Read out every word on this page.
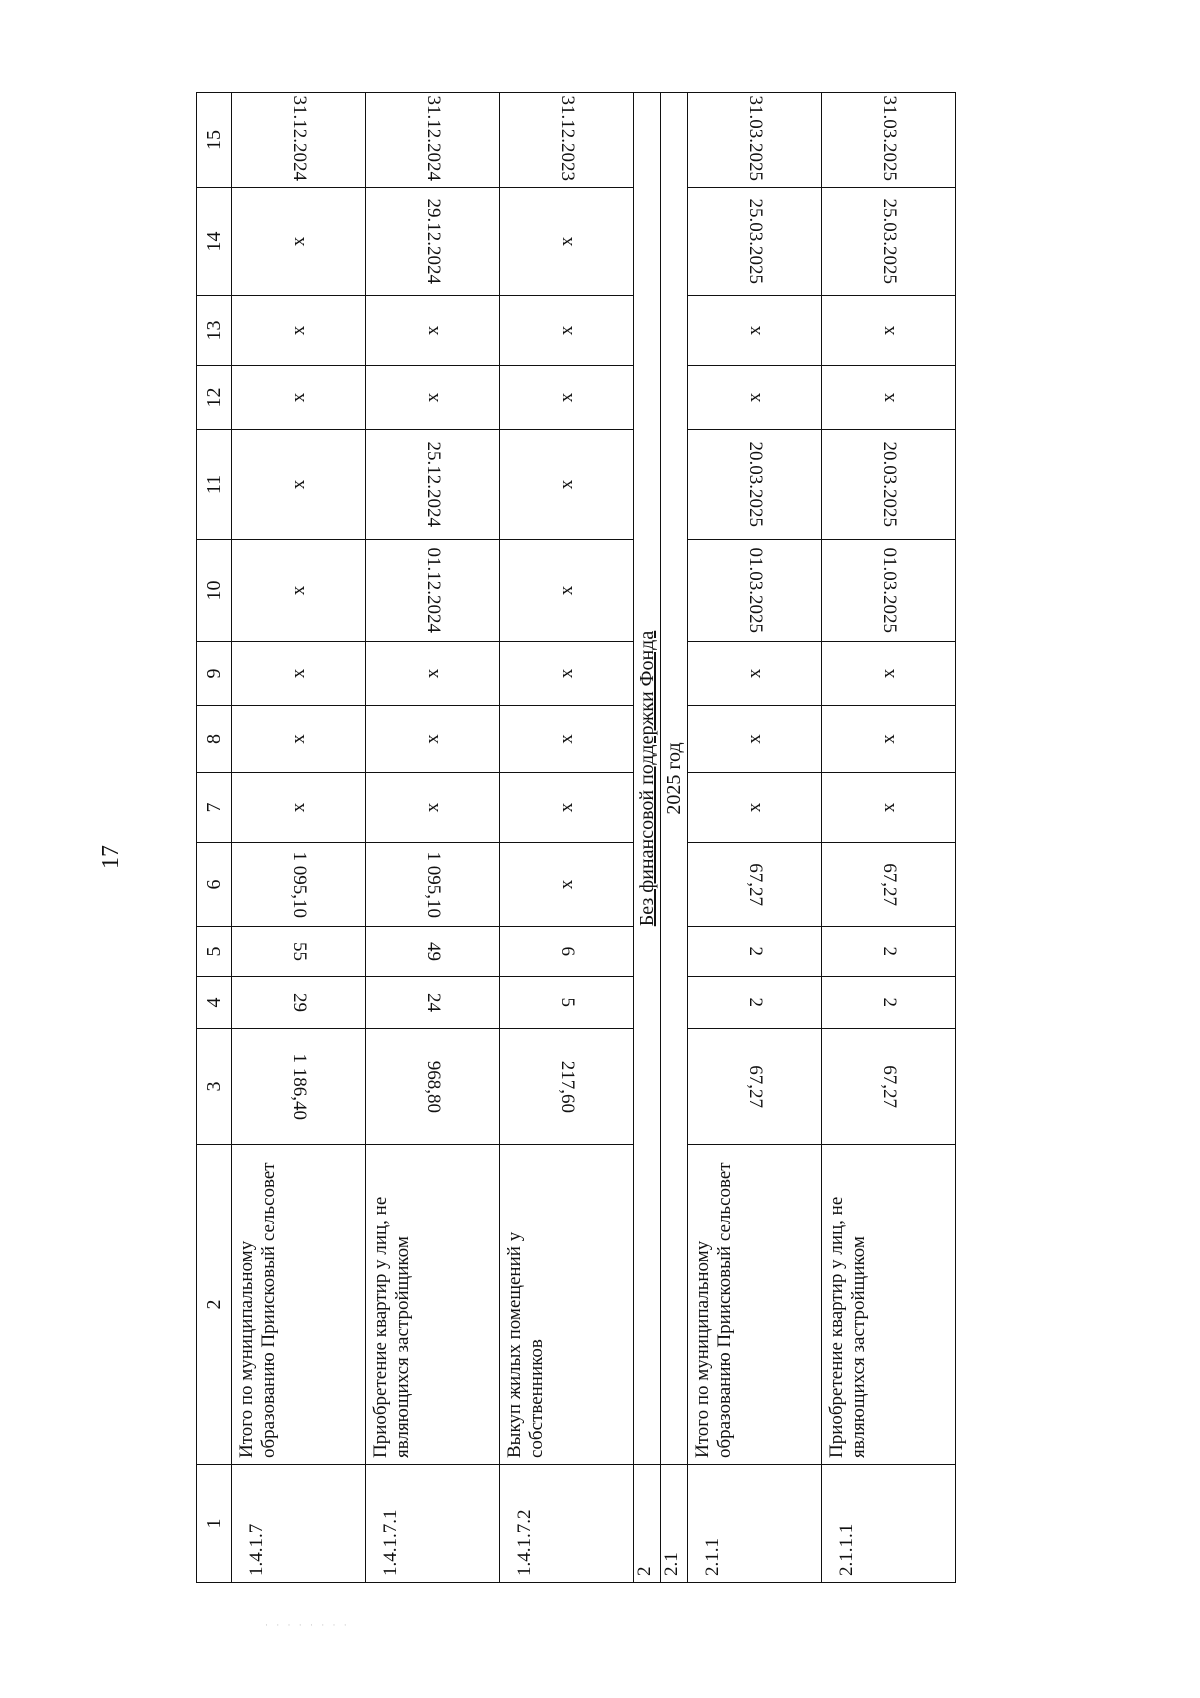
17
1	2	3	4	5	6	7	8	9	10	11	12	13	14	15
1.4.1.7	Итого по муниципальному образованию Приисковый сельсовет	1 186,40	29	55	1 095,10	x	x	x	x	x	x	x	x	31.12.2024
1.4.1.7.1	Приобретение квартир у лиц, не являющихся застройщиком	968,80	24	49	1 095,10	x	x	x	01.12.2024	25.12.2024	x	x	29.12.2024	31.12.2024
1.4.1.7.2	Выкуп жилых помещений у собственников	217,60	5	6	x	x	x	x	x	x	x	x	x	31.12.2023
2	Без финансовой поддержки Фонда													
2.1	2025 год													
2.1.1	Итого по муниципальному образованию Приисковый сельсовет	67,27	2	2	67,27	x	x	x	01.03.2025	20.03.2025	x	x	25.03.2025	31.03.2025
2.1.1.1	Приобретение квартир у лиц, не являющихся застройщиком	67,27	2	2	67,27	x	x	x	01.03.2025	20.03.2025	x	x	25.03.2025	31.03.2025
· · · · · · · ·
